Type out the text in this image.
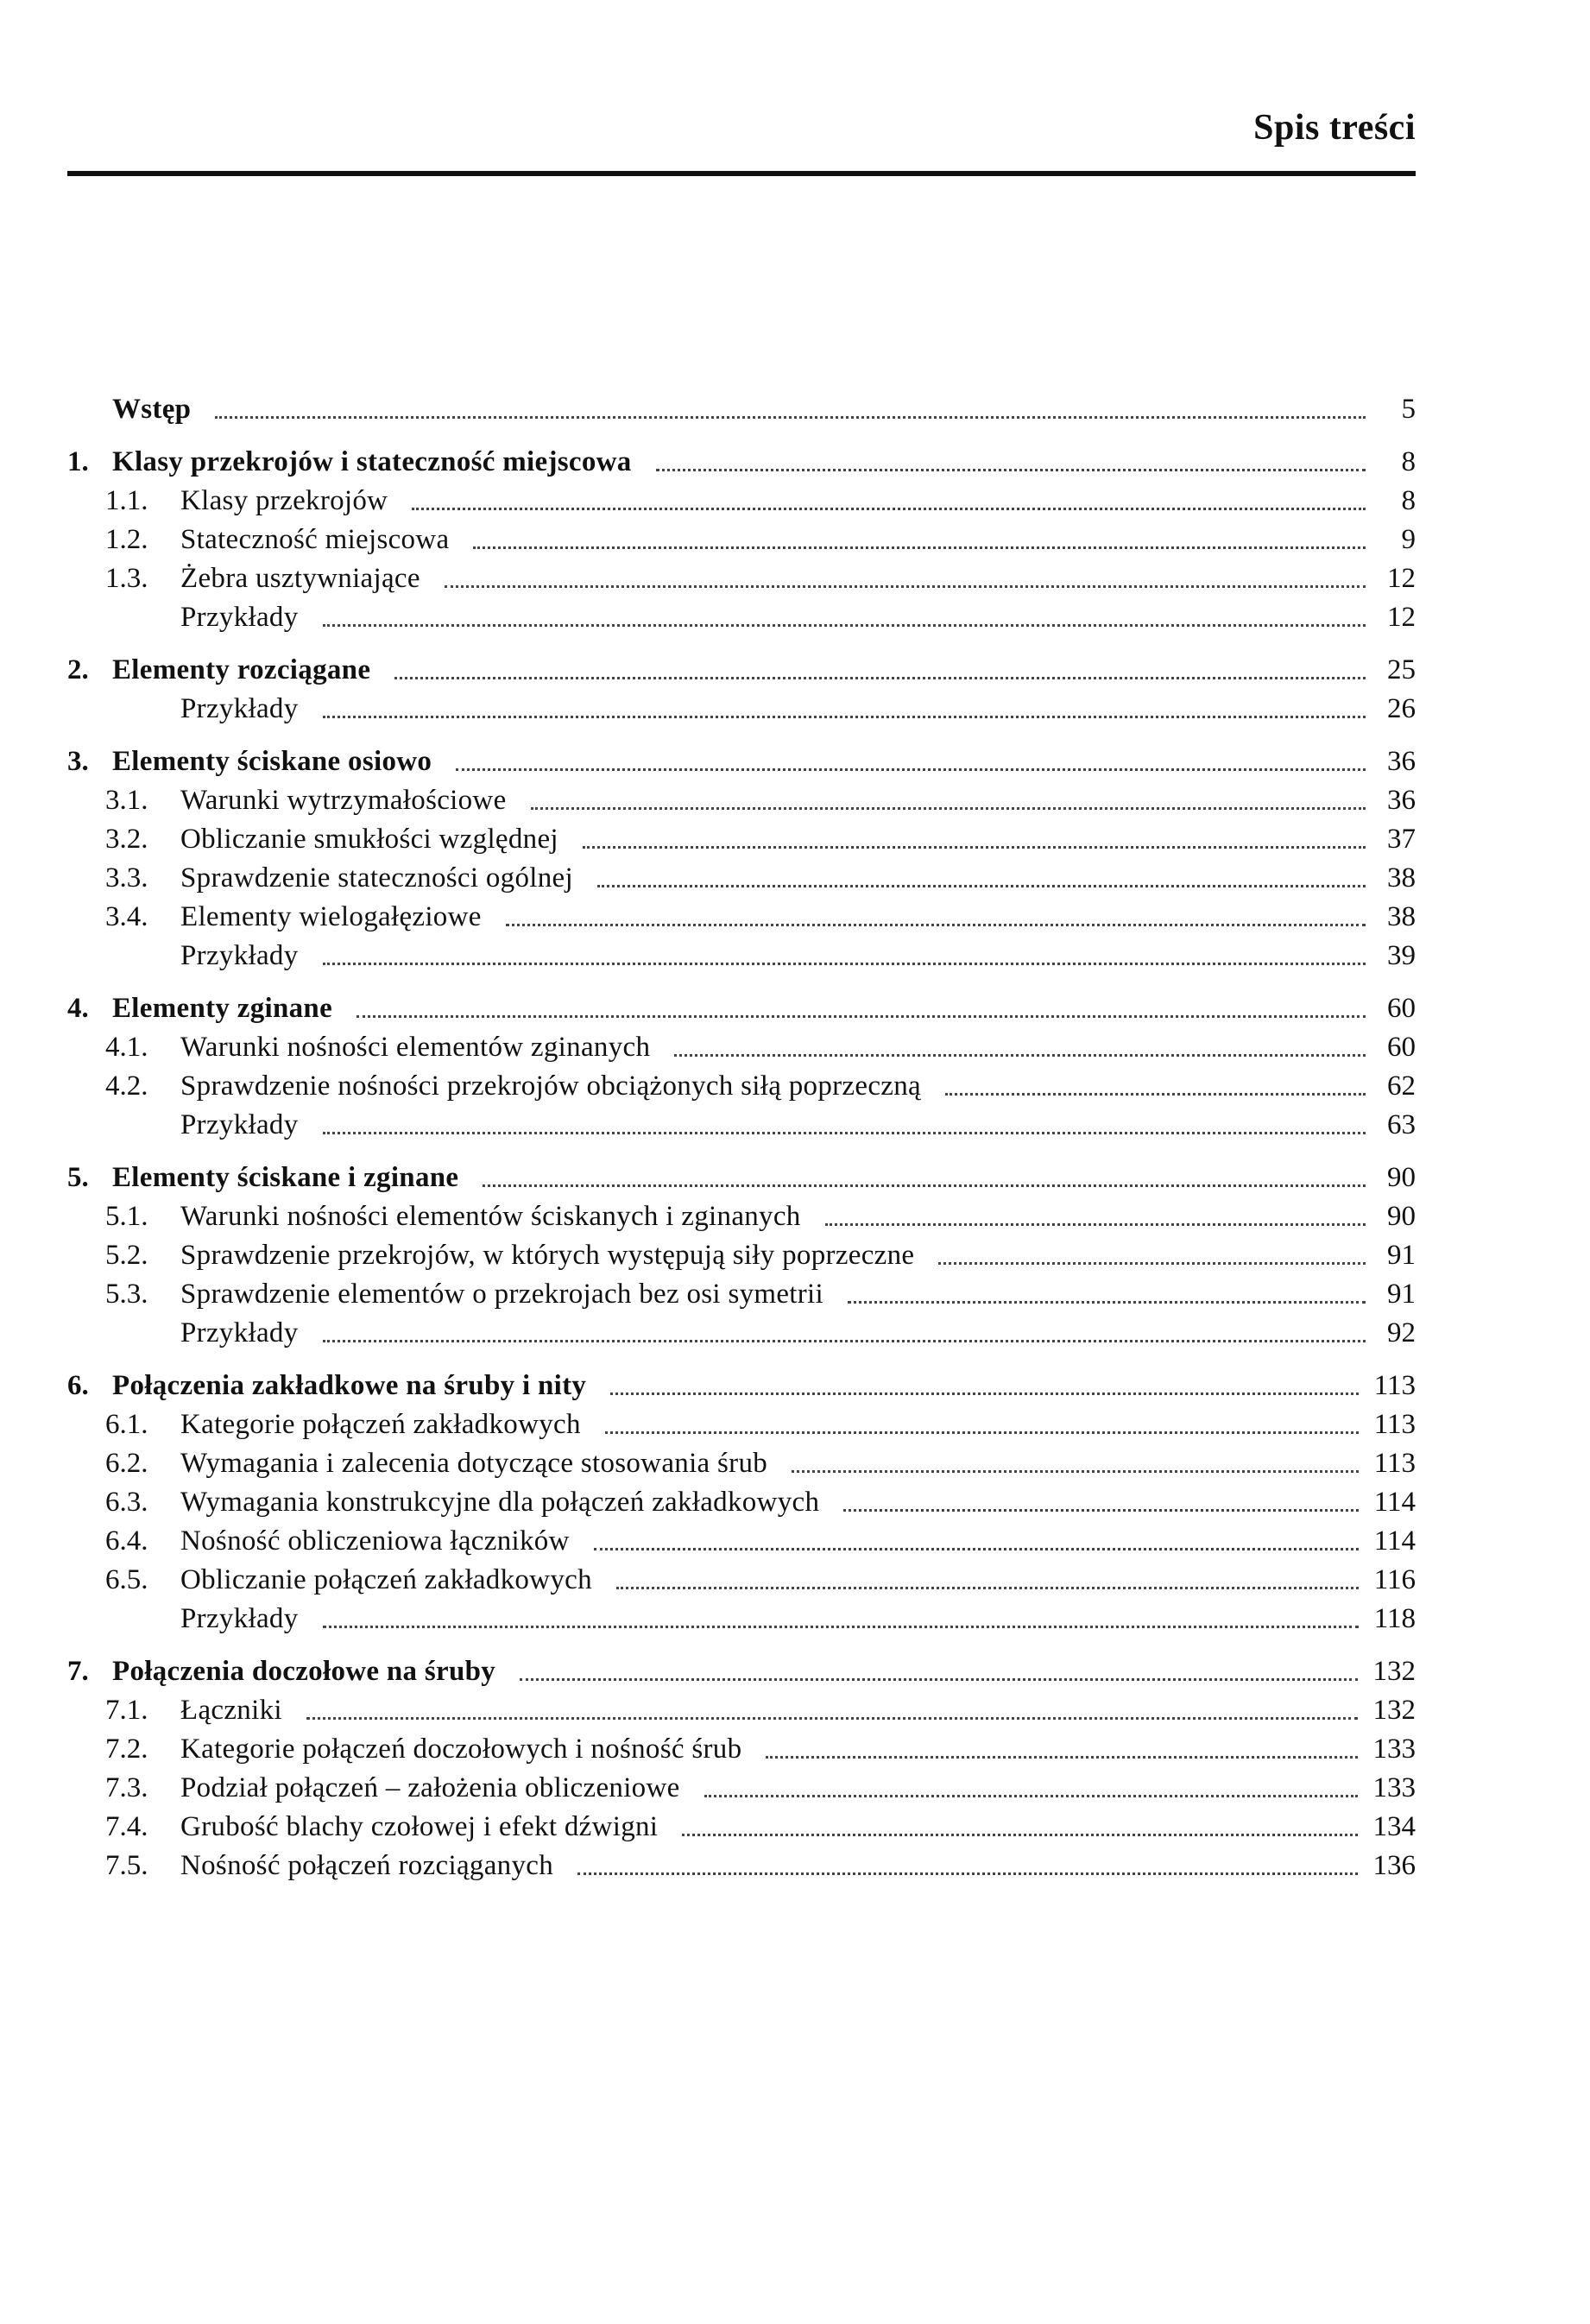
Spis treści
Wstęp	5
1. Klasy przekrojów i stateczność miejscowa	8
1.1.	Klasy przekrojów	8
1.2.	Stateczność miejscowa	9
1.3.	Żebra usztywniające	12
Przykłady	12
2. Elementy rozciągane	25
Przykłady	26
3. Elementy ściskane osiowo	36
3.1.	Warunki wytrzymałościowe	36
3.2.	Obliczanie smukłości względnej	37
3.3.	Sprawdzenie stateczności ogólnej	38
3.4.	Elementy wielogałęziowe	38
Przykłady	39
4. Elementy zginane	60
4.1.	Warunki nośności elementów zginanych	60
4.2.	Sprawdzenie nośności przekrojów obciążonych siłą poprzeczną	62
Przykłady	63
5. Elementy ściskane i zginane	90
5.1.	Warunki nośności elementów ściskanych i zginanych	90
5.2.	Sprawdzenie przekrojów, w których występują siły poprzeczne	91
5.3.	Sprawdzenie elementów o przekrojach bez osi symetrii	91
Przykłady	92
6. Połączenia zakładkowe na śruby i nity	113
6.1.	Kategorie połączeń zakładkowych	113
6.2.	Wymagania i zalecenia dotyczące stosowania śrub	113
6.3.	Wymagania konstrukcyjne dla połączeń zakładkowych	114
6.4.	Nośność obliczeniowa łączników	114
6.5.	Obliczanie połączeń zakładkowych	116
Przykłady	118
7. Połączenia doczołowe na śruby	132
7.1.	Łączniki	132
7.2.	Kategorie połączeń doczołowych i nośność śrub	133
7.3.	Podział połączeń – założenia obliczeniowe	133
7.4.	Grubość blachy czołowej i efekt dźwigni	134
7.5.	Nośność połączeń rozciąganych	136
